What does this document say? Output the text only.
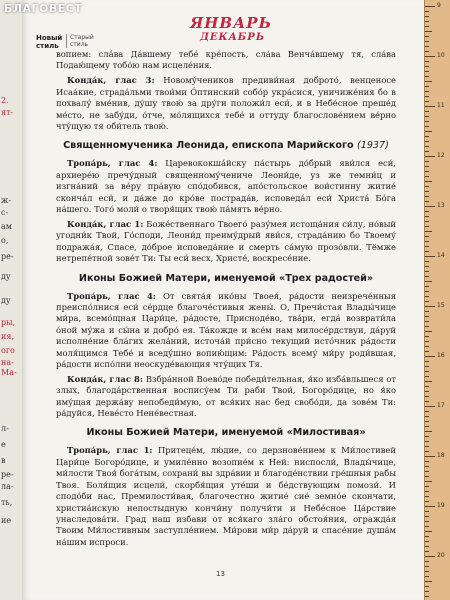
БЛАГОВЕСТ
2.
ят-
ж-
с-
ам
о,
ре-
ду
ду
ры,
ия,
ого
на-
Ма-
л-
е
в
ре-
ла-
ть,
ие
Новый стиль
Старый стиль
ЯНВАРЬ
ДЕКАБРЬ

вопием: сла́ва Да́вшему тебе́ кре́пость, сла́ва Венча́вшему тя, сла́ва Подаю́щему тобо́ю нам исцеле́ния.

Конда́к, глас 3: Новому́чеников предиви́ная доброто́, венценосе Исаа́кие, страда́льми твои́ми О́птинский собо́р укра́сися, уничиже́ния бо в похвалу́ вме́нив, ду́шу твою́ за дру́ги положи́л еси́, и в Небе́сное преше́д ме́сто, не забу́ди, о́тче, мо́лящихся тебе́ и оттуду благослове́нием ве́рно чту́щую тя оби́тель твою́.

Священномученика Леонида, епископа Марийского (1937)

Тропа́рь, глас 4: Царевококша́йску па́стырь до́брый яви́лся еси́, архиере́ю пречу́дный священному́чениче Леони́де, уз же темни́ц и изгна́ний за ве́ру пра́вую спо́добився, апо́стольское вои́стинну житие́ сконча́л еси́, и да́же до кро́ве пострада́в, исповеда́л еси́ Христа́ Бо́га на́шего. Того́ моли́ о творя́щих твою́ па́мять ве́рно.

Конда́к, глас 1: Боже́ственнаго Твоего́ разу́мея истоща́ния си́лу, но́вый угодни́к Твой, Го́споди, Леони́д преиму́дрый яви́ся, страда́нию бо Твоему́ подража́я, Спасе, до́брое исповеда́ние и смерть са́мую прозо́вли. Тёмже нетрепе́тной зове́т Ти: Ты еси́ весх, Христе́, воскресе́ние.

Иконы Божией Матери, именуемой «Трех радостей»

Тропа́рь, глас 4: От свята́я ико́ны Твоея́, ра́дости неизрече́нныя преиспо́лнися еси́ се́рдце благоче́стивыя жены́. О, Пречи́стая Влады́чице ми́ра, всемо́щная Цари́це, ра́досте, Присноде́во, тва́ри, егда́ возврати́ла о́ной му́жа и сы́на и добро́ ея. Та́кожде и все́м нам милосе́рдствуи, да́руй исполне́ние бла́гих жела́ний, источа́й при́сно текущий исто́чник ра́дости моля́щимся Тебе́ и вседу́шно вопию́щим: Ра́дость всему́ ми́ру роди́вшая, ра́дости испо́лни неоскуде́вающия чту́щих Тя.

Конда́к, глас 8: Взбра́нной Воево́де победи́тельная, я́ко изба́вльшеся от злых, благода́рственная воспису́ем Ти раби Твои́, Богоро́дице, но я́ко иму́щая держа́ву непобеди́мую, от вся́ких нас бед свобо́ди, да зове́м Ти: ра́дуйся, Неве́сто Нене́вестная.

Иконы Божией Матери, именуемой «Милостивая»

Тропа́рь, глас 1: Притеце́м, лю́дие, со дерзнове́нием к Ми́лостивей Цари́це Богоро́дице, и умиле́нно возопие́м к Ней: ниспосли́, Влады́чице, ми́лости Твоя́ бога́тым, сохрани́ вы здра́вии и благоде́нствии гре́шныя рабы Твоя. Боля́щия исцели́, скорбя́щия уте́ши и бе́дствующим помози́. И сподо́би нас, Премилости́вая, благочестно житие́ сие́ земно́е скончати, христиа́нскую непостыдную кончи́ну получи́ти и Небе́сное Ца́рствие унаследова́ти. Град наш избави от вся́каго зла́го обстоя́ния, огражда́я Твоим Ми́лостивным заступле́нием. Ми́рови ми́р да́руй и спасе́ние душа́м на́шим испроси.

13
9
10
11
12
13
14
15
16
17
18
19
20
